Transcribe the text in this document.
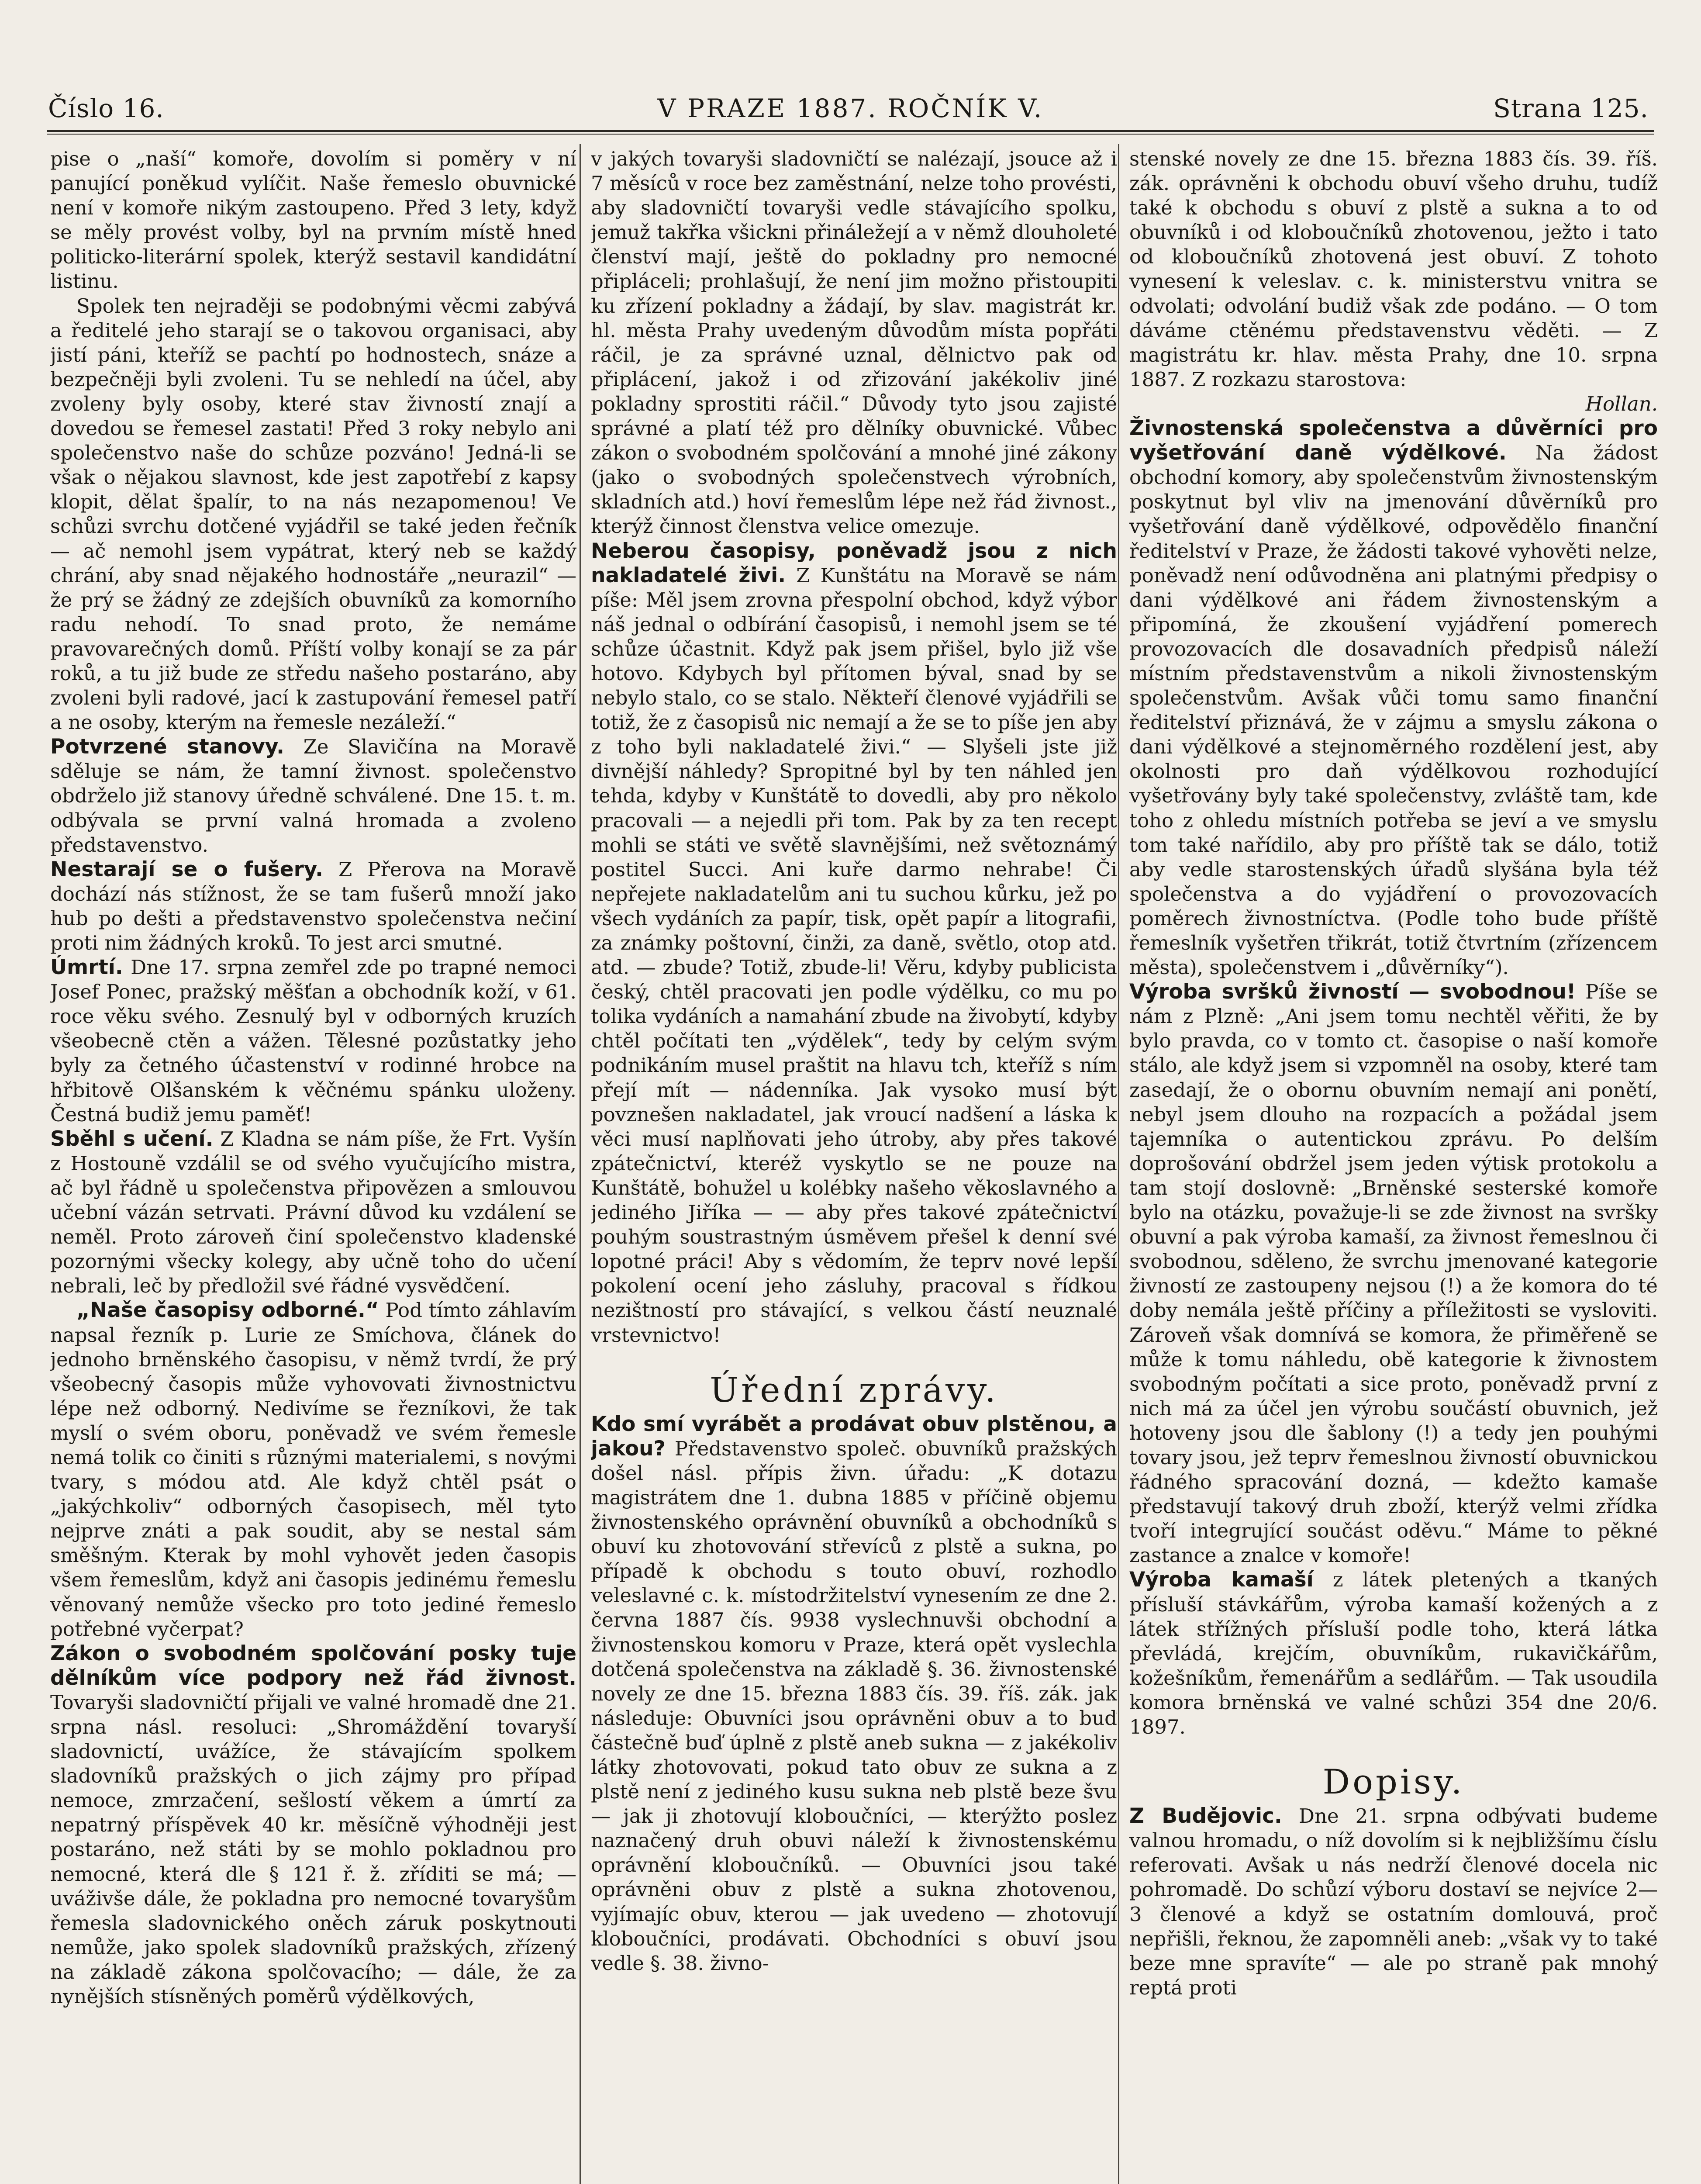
Číslo 16.	V PRAZE 1887. ROČNÍK V.	Strana 125.

pise o „naší“ komoře, dovolím si poměry v ní panující poněkud vylíčit. Naše řemeslo obuvnické není v komoře nikým zastoupeno. Před 3 lety, když se měly provést volby, byl na prvním místě hned politicko-literární spolek, kterýž sestavil kandidátní listinu.

Spolek ten nejraději se podobnými věcmi zabývá a ředitelé jeho starají se o takovou organisaci, aby jistí páni, kteříž se pachtí po hodnostech, snáze a bezpečněji byli zvoleni. Tu se nehledí na účel, aby zvoleny byly osoby, které stav živností znají a dovedou se řemesel zastati! Před 3 roky nebylo ani společenstvo naše do schůze pozváno! Jedná-li se však o nějakou slavnost, kde jest zapotřebí z kapsy klopit, dělat špalír, to na nás nezapomenou! Ve schůzi svrchu dotčené vyjádřil se také jeden řečník — ač nemohl jsem vypátrat, který neb se každý chrání, aby snad nějakého hodnostáře „neurazil“ — že prý se žádný ze zdejších obuvníků za komorního radu nehodí. To snad proto, že nemáme pravovarečných domů. Příští volby konají se za pár roků, a tu již bude ze středu našeho postaráno, aby zvoleni byli radové, jací k zastupování řemesel patří a ne osoby, kterým na řemesle nezáleží.“

Potvrzené stanovy. Ze Slavičína na Moravě sděluje se nám, že tamní živnost. společenstvo obdrželo již stanovy úředně schválené. Dne 15. t. m. odbývala se první valná hromada a zvoleno představenstvo.

Nestarají se o fušery. Z Přerova na Moravě dochází nás stížnost, že se tam fušerů množí jako hub po dešti a představenstvo společenstva nečiní proti nim žádných kroků. To jest arci smutné.

Úmrtí. Dne 17. srpna zemřel zde po trapné nemoci Josef Ponec, pražský měšťan a obchodník koží, v 61. roce věku svého. Zesnulý byl v odborných kruzích všeobecně ctěn a vážen. Tělesné pozůstatky jeho byly za četného účastenství v rodinné hrobce na hřbitově Olšanském k věčnému spánku uloženy. Čestná budiž jemu paměť!

Sběhl s učení. Z Kladna se nám píše, že Frt. Vyšín z Hostouně vzdálil se od svého vyučujícího mistra, ač byl řádně u společenstva připovězen a smlouvou učební vázán setrvati. Právní důvod ku vzdálení se neměl. Proto zároveň činí společenstvo kladenské pozornými všecky kolegy, aby učně toho do učení nebrali, leč by předložil své řádné vysvědčení.

„Naše časopisy odborné.“ Pod tímto záhlavím napsal řezník p. Lurie ze Smíchova, článek do jednoho brněnského časopisu, v němž tvrdí, že prý všeobecný časopis může vyhovovati živnostnictvu lépe než odborný. Nedivíme se řezníkovi, že tak myslí o svém oboru, poněvadž ve svém řemesle nemá tolik co činiti s různými materialemi, s novými tvary, s módou atd. Ale když chtěl psát o „jakýchkoliv“ odborných časopisech, měl tyto nejprve znáti a pak soudit, aby se nestal sám směšným. Kterak by mohl vyhovět jeden časopis všem řemeslům, když ani časopis jedinému řemeslu věnovaný nemůže všecko pro toto jediné řemeslo potřebné vyčerpat?

Zákon o svobodném spolčování posky tuje dělníkům více podpory než řád živnost. Tovaryši sladovničtí přijali ve valné hromadě dne 21. srpna násl. resoluci: „Shromáždění tovaryší sladovnictí, uvážíce, že stávajícím spolkem sladovníků pražských o jich zájmy pro případ nemoce, zmrzačení, sešlostí věkem a úmrtí za nepatrný příspěvek 40 kr. měsíčně výhodněji jest postaráno, než státi by se mohlo pokladnou pro nemocné, která dle § 121 ř. ž. zříditi se má; — uváživše dále, že pokladna pro nemocné tovaryšům řemesla sladovnického oněch záruk poskytnouti nemůže, jako spolek sladovníků pražských, zřízený na základě zákona spolčovacího; — dále, že za nynějších stísněných poměrů výdělkových,

v jakých tovaryši sladovničtí se nalézají, jsouce až i 7 měsíců v roce bez zaměstnání, nelze toho provésti, aby sladovničtí tovaryši vedle stávajícího spolku, jemuž takřka všickni přináležejí a v němž dlouholeté členství mají, ještě do pokladny pro nemocné připláceli; prohlašují, že není jim možno přistoupiti ku zřízení pokladny a žádají, by slav. magistrát kr. hl. města Prahy uvedeným důvodům místa popřáti ráčil, je za správné uznal, dělnictvo pak od připlácení, jakož i od zřizování jakékoliv jiné pokladny sprostiti ráčil.“ Důvody tyto jsou zajisté správné a platí též pro dělníky obuvnické. Vůbec zákon o svobodném spolčování a mnohé jiné zákony (jako o svobodných společenstvech výrobních, skladních atd.) hoví řemeslům lépe než řád živnost., kterýž činnost členstva velice omezuje.

Neberou časopisy, poněvadž jsou z nich nakladatelé živi. Z Kunštátu na Moravě se nám píše: Měl jsem zrovna přespolní obchod, když výbor náš jednal o odbírání časopisů, i nemohl jsem se té schůze účastnit. Když pak jsem přišel, bylo již vše hotovo. Kdybych byl přítomen býval, snad by se nebylo stalo, co se stalo. Někteří členové vyjádřili se totiž, že z časopisů nic nemají a že se to píše jen aby z toho byli nakladatelé živi.“ — Slyšeli jste již divnější náhledy? Spropitné byl by ten náhled jen tehda, kdyby v Kunštátě to dovedli, aby pro několo pracovali — a nejedli při tom. Pak by za ten recept mohli se státi ve světě slavnějšími, než světoznámý postitel Succi. Ani kuře darmo nehrabe! Či nepřejete nakladatelům ani tu suchou kůrku, jež po všech vydáních za papír, tisk, opět papír a litografii, za známky poštovní, činži, za daně, světlo, otop atd. atd. — zbude? Totiž, zbude-li! Věru, kdyby publicista český, chtěl pracovati jen podle výdělku, co mu po tolika vydáních a namahání zbude na živobytí, kdyby chtěl počítati ten „výdělek“, tedy by celým svým podnikáním musel praštit na hlavu tch, kteříž s ním přejí mít — nádenníka. Jak vysoko musí být povznešen nakladatel, jak vroucí nadšení a láska k věci musí naplňovati jeho útroby, aby přes takové zpátečnictví, kteréž vyskytlo se ne pouze na Kunštátě, bohužel u kolébky našeho věkoslavného a jediného Jiříka — — aby přes takové zpátečnictví pouhým soustrastným úsměvem přešel k denní své lopotné práci! Aby s vědomím, že teprv nové lepší pokolení ocení jeho zásluhy, pracoval s řídkou nezištností pro stávající, s velkou částí neuznalé vrstevnictvo!

Úřední zprávy.

Kdo smí vyrábět a prodávat obuv plstěnou, a jakou? Představenstvo společ. obuvníků pražských došel násl. přípis živn. úřadu: „K dotazu magistrátem dne 1. dubna 1885 v příčině objemu živnostenského oprávnění obuvníků a obchodníků s obuví ku zhotovování střevíců z plstě a sukna, po případě k obchodu s touto obuví, rozhodlo veleslavné c. k. místodržitelství vynesením ze dne 2. června 1887 čís. 9938 vyslechnuvši obchodní a živnostenskou komoru v Praze, která opět vyslechla dotčená společenstva na základě §. 36. živnostenské novely ze dne 15. března 1883 čís. 39. říš. zák. jak následuje: Obuvníci jsou oprávněni obuv a to buď částečně buď úplně z plstě aneb sukna — z jakékoliv látky zhotovovati, pokud tato obuv ze sukna a z plstě není z jediného kusu sukna neb plstě beze švu — jak ji zhotovují kloboučníci, — kterýžto poslez naznačený druh obuvi náleží k živnostenskému oprávnění kloboučníků. — Obuvníci jsou také oprávněni obuv z plstě a sukna zhotovenou, vyjímajíc obuv, kterou — jak uvedeno — zhotovují kloboučníci, prodávati. Obchodníci s obuví jsou vedle §. 38. živno-

stenské novely ze dne 15. března 1883 čís. 39. říš. zák. oprávněni k obchodu obuví všeho druhu, tudíž také k obchodu s obuví z plstě a sukna a to od obuvníků i od kloboučníků zhotovenou, ježto i tato od kloboučníků zhotovená jest obuví. Z tohoto vynesení k veleslav. c. k. ministerstvu vnitra se odvolati; odvolání budiž však zde podáno. — O tom dáváme ctěnému představenstvu věděti. — Z magistrátu kr. hlav. města Prahy, dne 10. srpna 1887. Z rozkazu starostova:

Hollan.

Živnostenská společenstva a důvěrníci pro vyšetřování daně výdělkové. Na žádost obchodní komory, aby společenstvům živnostenským poskytnut byl vliv na jmenování důvěrníků pro vyšetřování daně výdělkové, odpovědělo finanční ředitelství v Praze, že žádosti takové vyhověti nelze, poněvadž není odůvodněna ani platnými předpisy o dani výdělkové ani řádem živnostenským a připomíná, že zkoušení vyjádření pomerech provozovacích dle dosavadních předpisů náleží místním představenstvům a nikoli živnostenským společenstvům. Avšak vůči tomu samo finanční ředitelství přiznává, že v zájmu a smyslu zákona o dani výdělkové a stejnoměrného rozdělení jest, aby okolnosti pro daň výdělkovou rozhodující vyšetřovány byly také společenstvy, zvláště tam, kde toho z ohledu místních potřeba se jeví a ve smyslu tom také nařídilo, aby pro příště tak se dálo, totiž aby vedle starostenských úřadů slyšána byla též společenstva a do vyjádření o provozovacích poměrech živnostníctva. (Podle toho bude příště řemeslník vyšetřen třikrát, totiž čtvrtním (zřízencem města), společenstvem i „důvěrníky“).

Výroba svršků živností — svobodnou! Píše se nám z Plzně: „Ani jsem tomu nechtěl věřiti, že by bylo pravda, co v tomto ct. časopise o naší komoře stálo, ale když jsem si vzpomněl na osoby, které tam zasedají, že o obornu obuvním nemají ani ponětí, nebyl jsem dlouho na rozpacích a požádal jsem tajemníka o autentickou zprávu. Po delším doprošování obdržel jsem jeden výtisk protokolu a tam stojí doslovně: „Brněnské sesterské komoře bylo na otázku, považuje-li se zde živnost na svršky obuvní a pak výroba kamaší, za živnost řemeslnou či svobodnou, sděleno, že svrchu jmenované kategorie živností ze zastoupeny nejsou (!) a že komora do té doby nemála ještě příčiny a příležitosti se vysloviti. Zároveň však domnívá se komora, že přiměřeně se může k tomu náhledu, obě kategorie k živnostem svobodným počítati a sice proto, poněvadž první z nich má za účel jen výrobu součástí obuvnich, jež hotoveny jsou dle šablony (!) a tedy jen pouhými tovary jsou, jež teprv řemeslnou živností obuvnickou řádného spracování dozná, — kdežto kamaše představují takový druh zboží, kterýž velmi zřídka tvoří integrující součást oděvu.“ Máme to pěkné zastance a znalce v komoře!

Výroba kamaší z látek pletených a tkaných přísluší stávkářům, výroba kamaší kožených a z látek střížných přísluší podle toho, která látka převládá, krejčím, obuvníkům, rukavičkářům, kožešníkům, řemenářům a sedlářům. — Tak usoudila komora brněnská ve valné schůzi 354 dne 20/6. 1897.

Dopisy.

Z Budějovic. Dne 21. srpna odbývati budeme valnou hromadu, o níž dovolím si k nejbližšímu číslu referovati. Avšak u nás nedrží členové docela nic pohromadě. Do schůzí výboru dostaví se nejvíce 2—3 členové a když se ostatním domlouvá, proč nepřišli, řeknou, že zapomněli aneb: „však vy to také beze mne spravíte“ — ale po straně pak mnohý reptá proti
